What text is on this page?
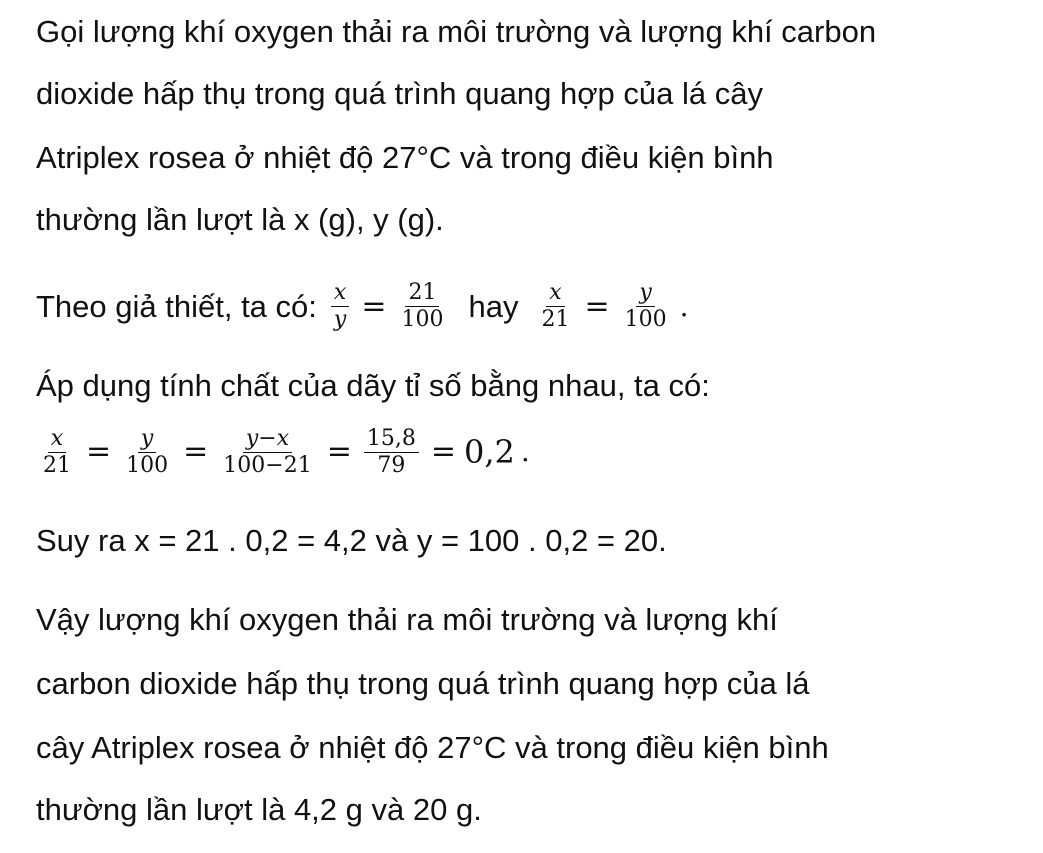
Gọi lượng khí oxygen thải ra môi trường và lượng khí carbon
dioxide hấp thụ trong quá trình quang hợp của lá cây
Atriplex rosea ở nhiệt độ 27°C và trong điều kiện bình
thường lần lượt là x (g), y (g).
Theo giả thiết, ta có: $\frac{x}{y} = \frac{21}{100}$ hay $\frac{x}{21} = \frac{y}{100}$ .
Áp dụng tính chất của dãy tỉ số bằng nhau, ta có:
$\frac{x}{21} = \frac{y}{100} = \frac{y-x}{100-21} = \frac{15,8}{79} = 0,2$ .
Suy ra x = 21 . 0,2 = 4,2 và y = 100 . 0,2 = 20.
Vậy lượng khí oxygen thải ra môi trường và lượng khí
carbon dioxide hấp thụ trong quá trình quang hợp của lá
cây Atriplex rosea ở nhiệt độ 27°C và trong điều kiện bình
thường lần lượt là 4,2 g và 20 g.
